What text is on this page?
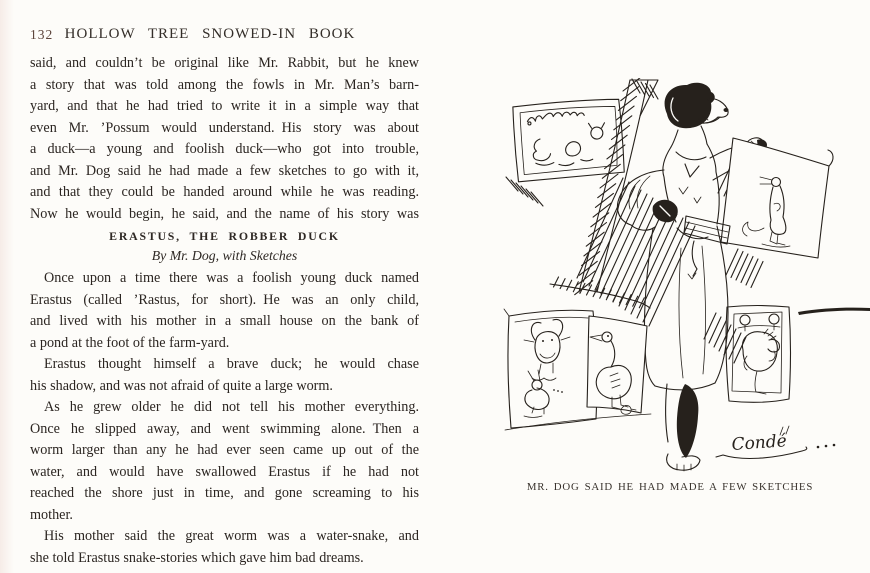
132 HOLLOW TREE SNOWED-IN BOOK
said, and couldn’t be original like Mr. Rabbit, but he knew
a story that was told among the fowls in Mr. Man’s barn-
yard, and that he had tried to write it in a simple way that
even Mr. ’Possum would understand. His story was about
a duck—a young and foolish duck—who got into trouble,
and Mr. Dog said he had made a few sketches to go with it,
and that they could be handed around while he was reading.
Now he would begin, he said, and the name of his story was
ERASTUS, THE ROBBER DUCK
By Mr. Dog, with Sketches
Once upon a time there was a foolish young duck named
Erastus (called ’Rastus, for short). He was an only child,
and lived with his mother in a small house on the bank of
a pond at the foot of the farm-yard.
Erastus thought himself a brave duck; he would chase
his shadow, and was not afraid of quite a large worm.
As he grew older he did not tell his mother everything.
Once he slipped away, and went swimming alone. Then a
worm larger than any he had ever seen came up out of the
water, and would have swallowed Erastus if he had not
reached the shore just in time, and gone screaming to his
mother.
His mother said the great worm was a water-snake, and
she told Erastus snake-stories which gave him bad dreams.
Condé
MR. DOG SAID HE HAD MADE A FEW SKETCHES
